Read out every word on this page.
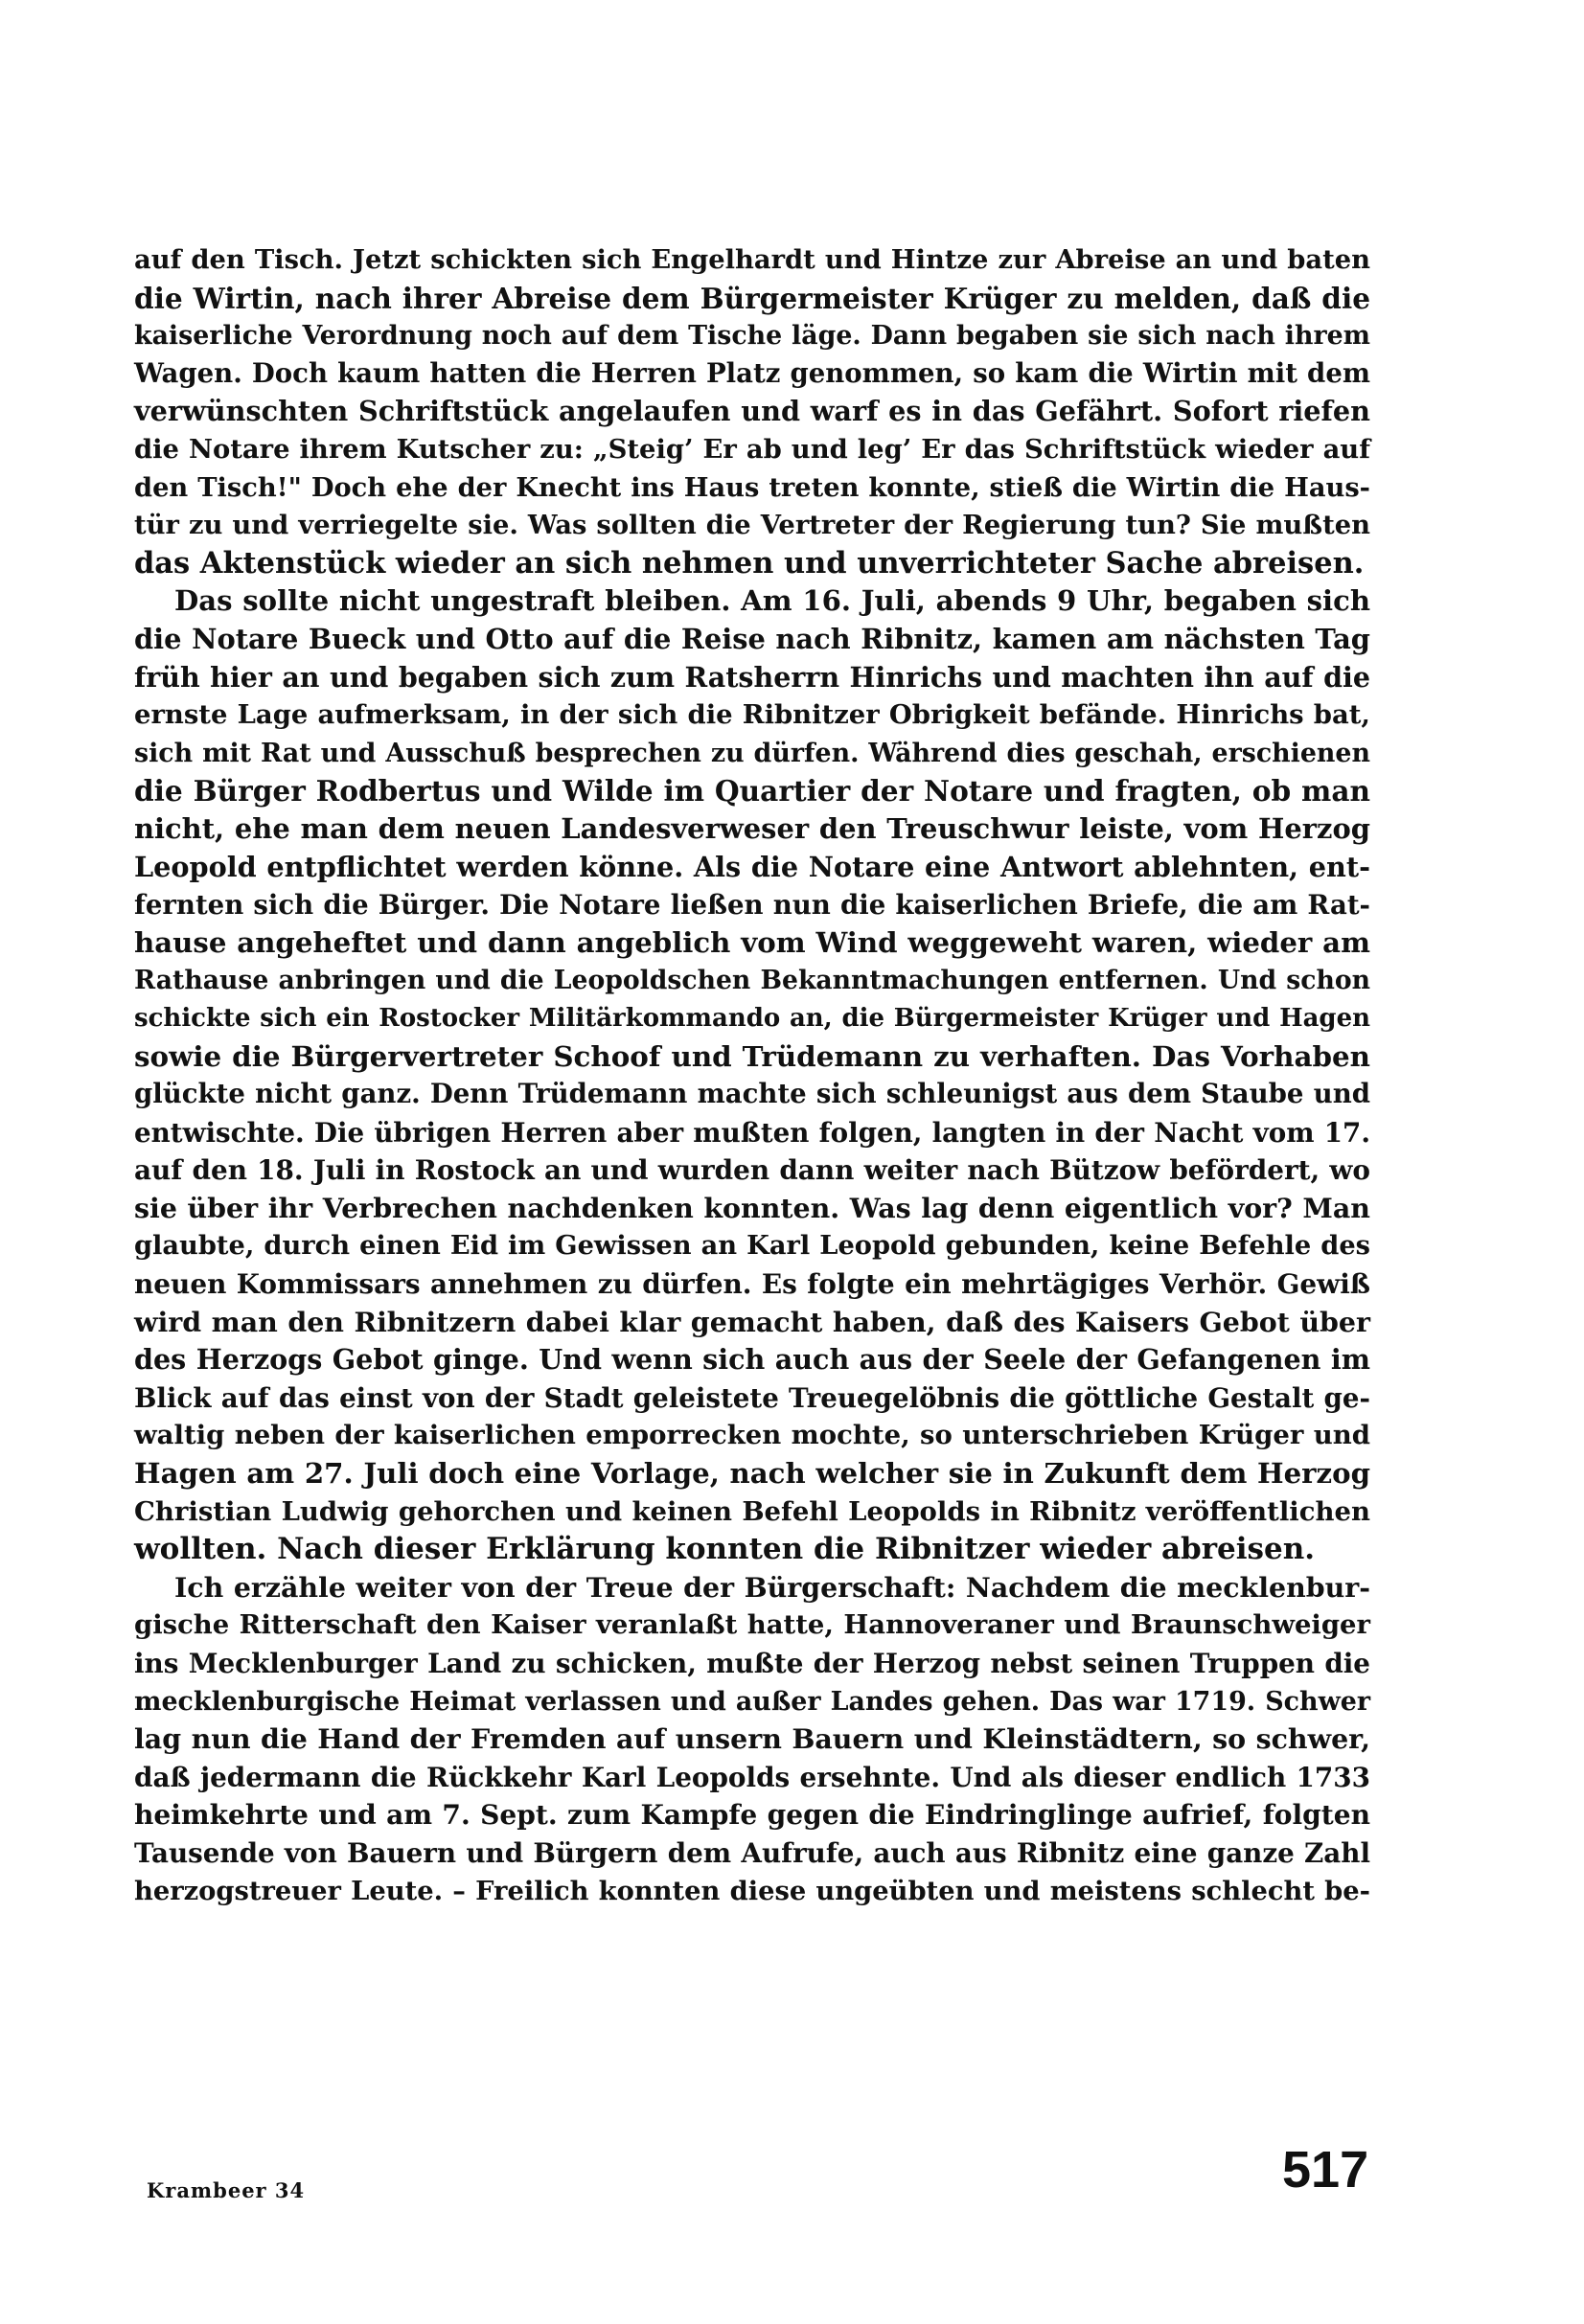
auf den Tisch. Jetzt schickten sich Engelhardt und Hintze zur Abreise an und baten
die Wirtin, nach ihrer Abreise dem Bürgermeister Krüger zu melden, daß die
kaiserliche Verordnung noch auf dem Tische läge. Dann begaben sie sich nach ihrem
Wagen. Doch kaum hatten die Herren Platz genommen, so kam die Wirtin mit dem
verwünschten Schriftstück angelaufen und warf es in das Gefährt. Sofort riefen
die Notare ihrem Kutscher zu: „Steig’ Er ab und leg’ Er das Schriftstück wieder auf
den Tisch!" Doch ehe der Knecht ins Haus treten konnte, stieß die Wirtin die Haus-
tür zu und verriegelte sie. Was sollten die Vertreter der Regierung tun? Sie mußten
das Aktenstück wieder an sich nehmen und unverrichteter Sache abreisen.
Das sollte nicht ungestraft bleiben. Am 16. Juli, abends 9 Uhr, begaben sich
die Notare Bueck und Otto auf die Reise nach Ribnitz, kamen am nächsten Tag
früh hier an und begaben sich zum Ratsherrn Hinrichs und machten ihn auf die
ernste Lage aufmerksam, in der sich die Ribnitzer Obrigkeit befände. Hinrichs bat,
sich mit Rat und Ausschuß besprechen zu dürfen. Während dies geschah, erschienen
die Bürger Rodbertus und Wilde im Quartier der Notare und fragten, ob man
nicht, ehe man dem neuen Landesverweser den Treuschwur leiste, vom Herzog
Leopold entpflichtet werden könne. Als die Notare eine Antwort ablehnten, ent-
fernten sich die Bürger. Die Notare ließen nun die kaiserlichen Briefe, die am Rat-
hause angeheftet und dann angeblich vom Wind weggeweht waren, wieder am
Rathause anbringen und die Leopoldschen Bekanntmachungen entfernen. Und schon
schickte sich ein Rostocker Militärkommando an, die Bürgermeister Krüger und Hagen
sowie die Bürgervertreter Schoof und Trüdemann zu verhaften. Das Vorhaben
glückte nicht ganz. Denn Trüdemann machte sich schleunigst aus dem Staube und
entwischte. Die übrigen Herren aber mußten folgen, langten in der Nacht vom 17.
auf den 18. Juli in Rostock an und wurden dann weiter nach Bützow befördert, wo
sie über ihr Verbrechen nachdenken konnten. Was lag denn eigentlich vor? Man
glaubte, durch einen Eid im Gewissen an Karl Leopold gebunden, keine Befehle des
neuen Kommissars annehmen zu dürfen. Es folgte ein mehrtägiges Verhör. Gewiß
wird man den Ribnitzern dabei klar gemacht haben, daß des Kaisers Gebot über
des Herzogs Gebot ginge. Und wenn sich auch aus der Seele der Gefangenen im
Blick auf das einst von der Stadt geleistete Treuegelöbnis die göttliche Gestalt ge-
waltig neben der kaiserlichen emporrecken mochte, so unterschrieben Krüger und
Hagen am 27. Juli doch eine Vorlage, nach welcher sie in Zukunft dem Herzog
Christian Ludwig gehorchen und keinen Befehl Leopolds in Ribnitz veröffentlichen
wollten. Nach dieser Erklärung konnten die Ribnitzer wieder abreisen.
Ich erzähle weiter von der Treue der Bürgerschaft: Nachdem die mecklenbur-
gische Ritterschaft den Kaiser veranlaßt hatte, Hannoveraner und Braunschweiger
ins Mecklenburger Land zu schicken, mußte der Herzog nebst seinen Truppen die
mecklenburgische Heimat verlassen und außer Landes gehen. Das war 1719. Schwer
lag nun die Hand der Fremden auf unsern Bauern und Kleinstädtern, so schwer,
daß jedermann die Rückkehr Karl Leopolds ersehnte. Und als dieser endlich 1733
heimkehrte und am 7. Sept. zum Kampfe gegen die Eindringlinge aufrief, folgten
Tausende von Bauern und Bürgern dem Aufrufe, auch aus Ribnitz eine ganze Zahl
herzogstreuer Leute. – Freilich konnten diese ungeübten und meistens schlecht be-
Krambeer 34	517
